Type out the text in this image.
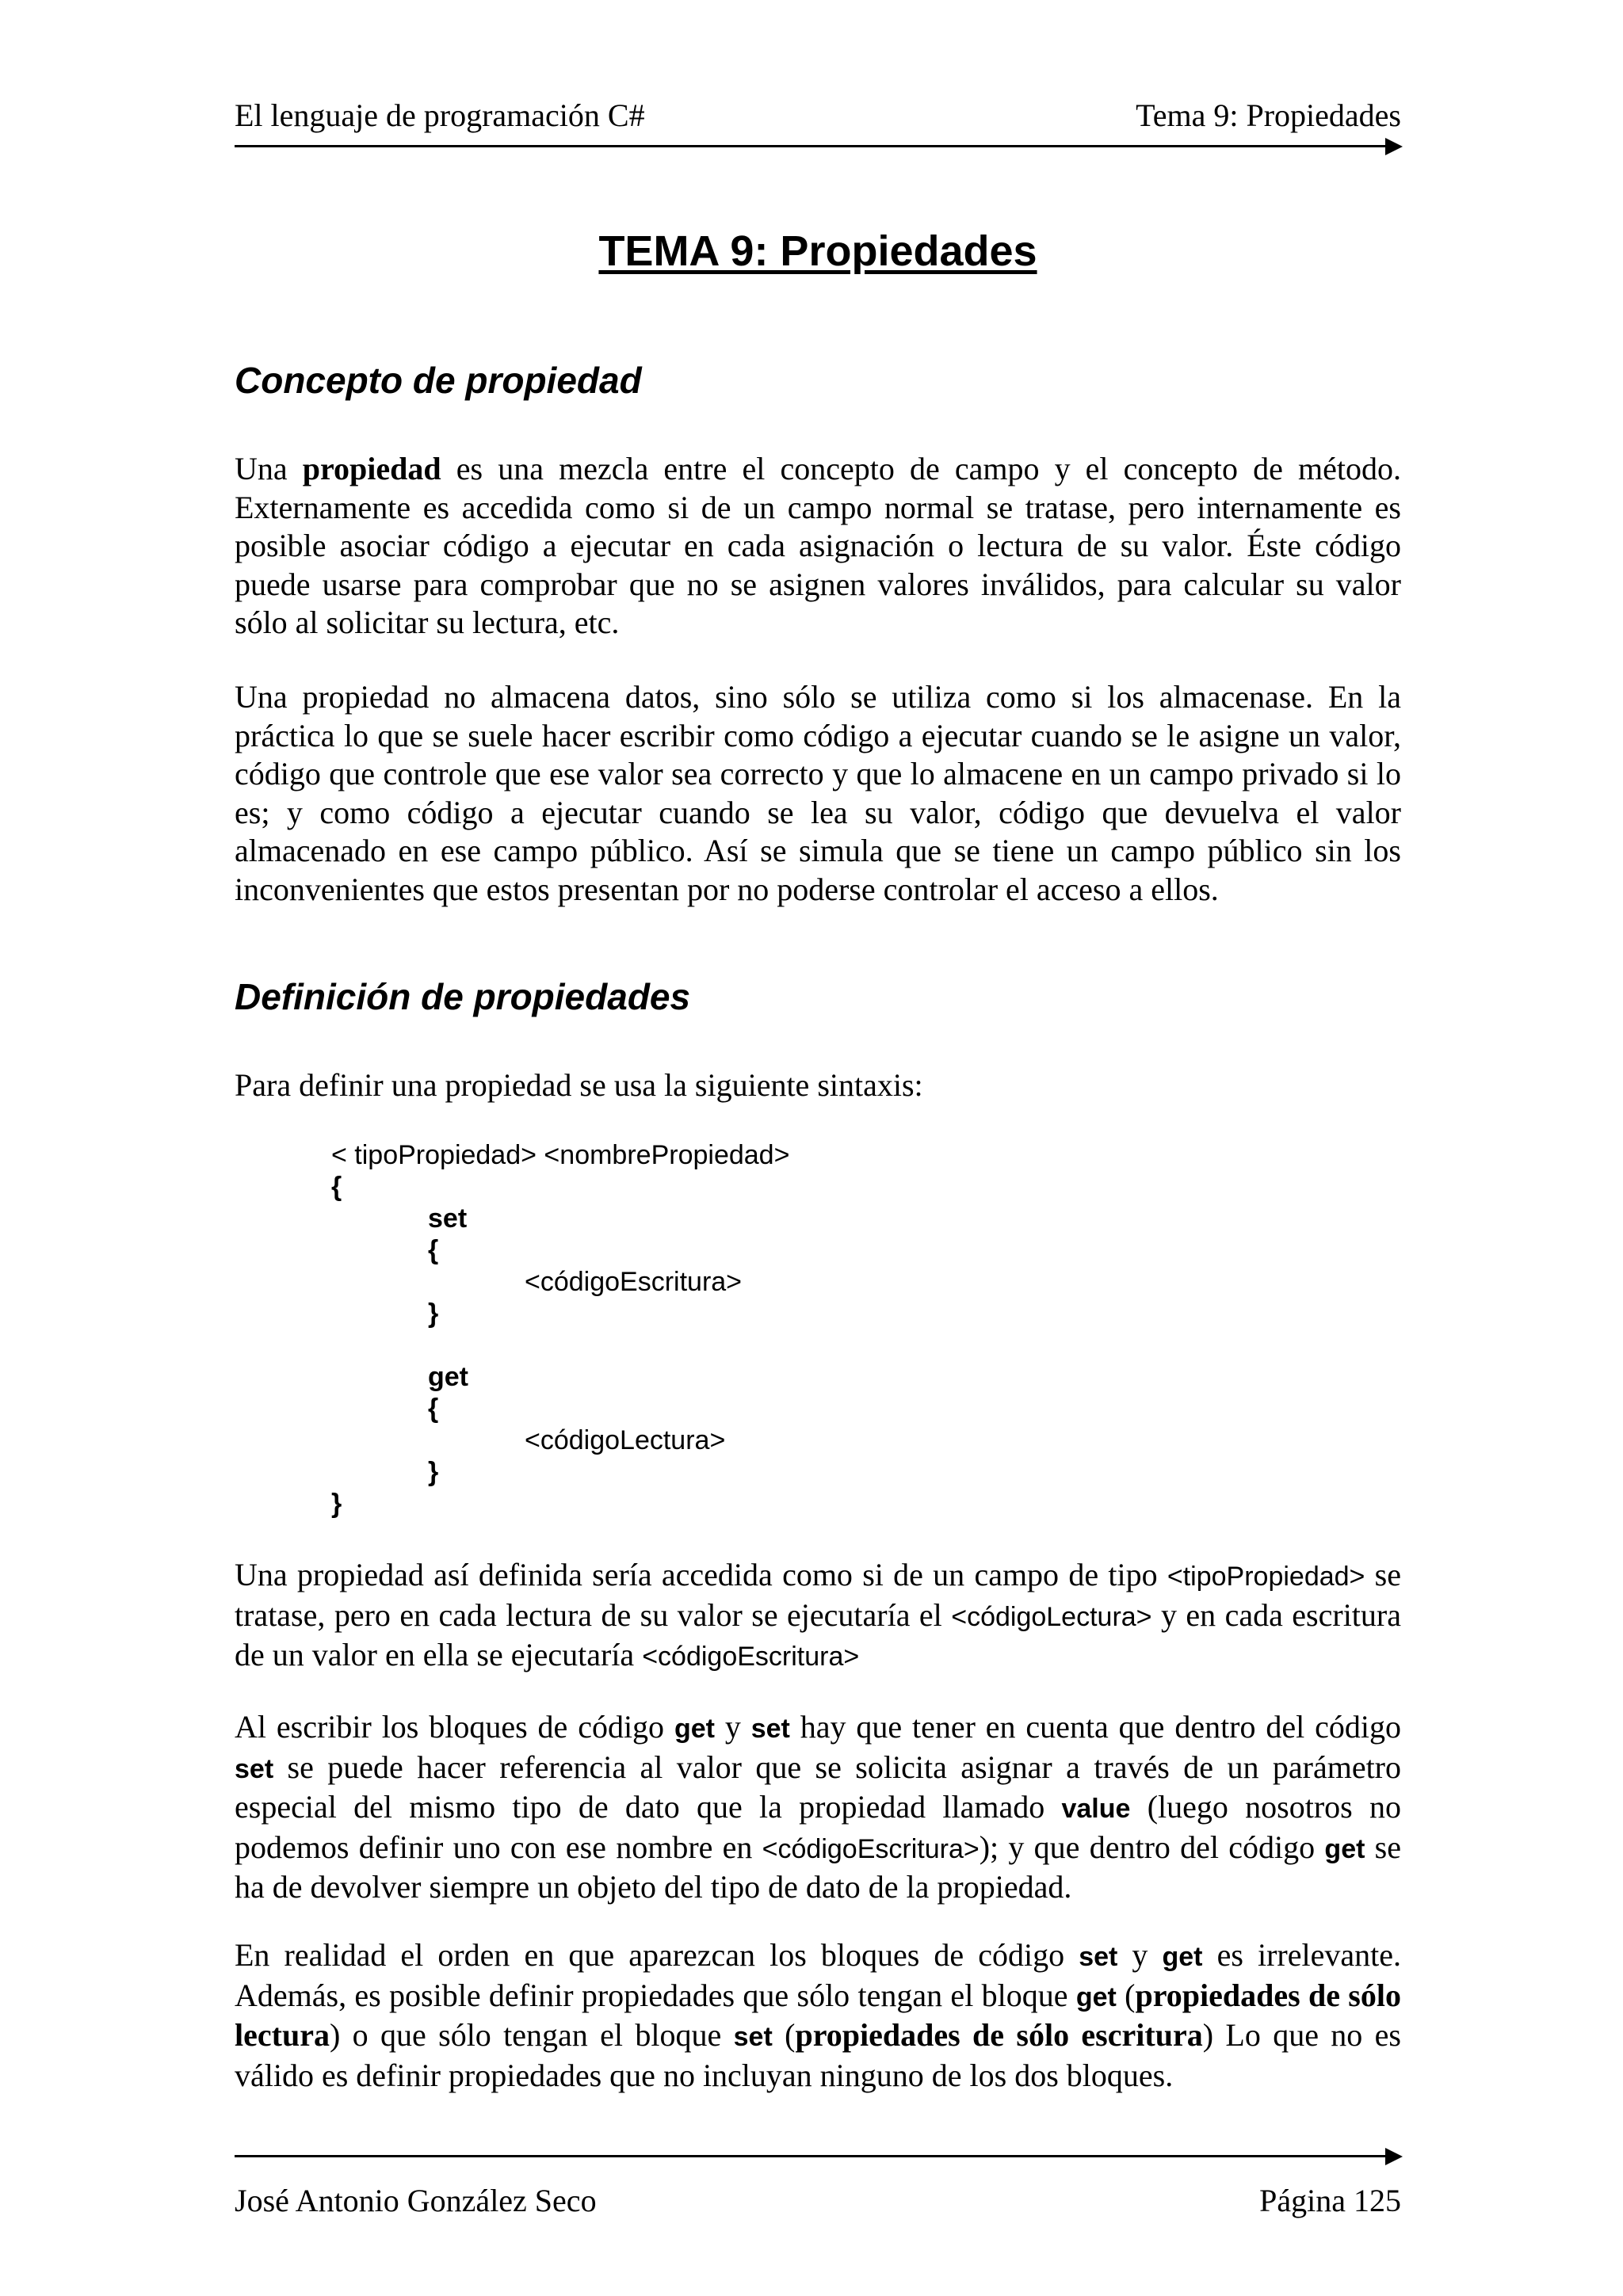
El lenguaje de programación C#	Tema 9: Propiedades
TEMA 9: Propiedades
Concepto de propiedad

Una propiedad es una mezcla entre el concepto de campo y el concepto de método. Externamente es accedida como si de un campo normal se tratase, pero internamente es posible asociar código a ejecutar en cada asignación o lectura de su valor. Éste código puede usarse para comprobar que no se asignen valores inválidos, para calcular su valor sólo al solicitar su lectura, etc.

Una propiedad no almacena datos, sino sólo se utiliza como si los almacenase. En la práctica lo que se suele hacer escribir como código a ejecutar cuando se le asigne un valor, código que controle que ese valor sea correcto y que lo almacene en un campo privado si lo es; y como código a ejecutar cuando se lea su valor, código que devuelva el valor almacenado en ese campo público. Así se simula que se tiene un campo público sin los inconvenientes que estos presentan por no poderse controlar el acceso a ellos.

Definición de propiedades

Para definir una propiedad se usa la siguiente sintaxis:

< tipoPropiedad> <nombrePropiedad>
{
set
{
<códigoEscritura>
}
get
{
<códigoLectura>
}
}

Una propiedad así definida sería accedida como si de un campo de tipo <tipoPropiedad> se tratase, pero en cada lectura de su valor se ejecutaría el <códigoLectura> y en cada escritura de un valor en ella se ejecutaría <códigoEscritura>

Al escribir los bloques de código get y set hay que tener en cuenta que dentro del código set se puede hacer referencia al valor que se solicita asignar a través de un parámetro especial del mismo tipo de dato que la propiedad llamado value (luego nosotros no podemos definir uno con ese nombre en <códigoEscritura>); y que dentro del código get se ha de devolver siempre un objeto del tipo de dato de la propiedad.

En realidad el orden en que aparezcan los bloques de código set y get es irrelevante. Además, es posible definir propiedades que sólo tengan el bloque get (propiedades de sólo lectura) o que sólo tengan el bloque set (propiedades de sólo escritura) Lo que no es válido es definir propiedades que no incluyan ninguno de los dos bloques.

José Antonio González Seco	Página 125
